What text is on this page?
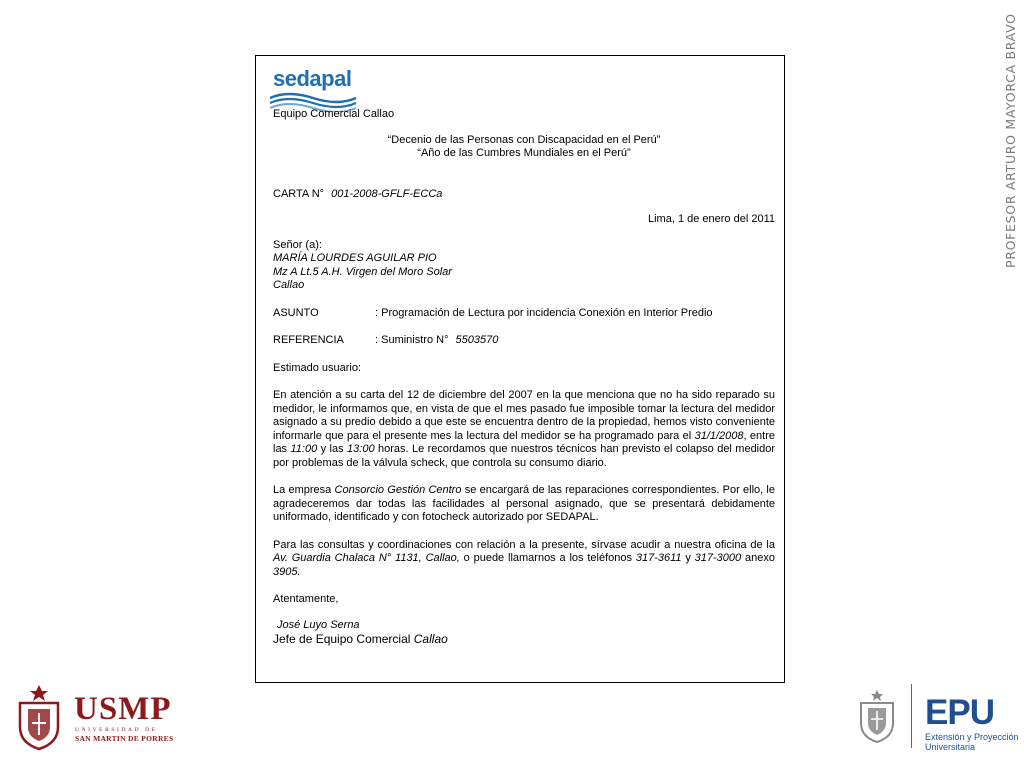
PROFESOR ARTURO MAYORCA BRAVO
sedapal

Equipo Comercial Callao

“Decenio de las Personas con Discapacidad en el Perú”

“Año de las Cumbres Mundiales en el Perú”

CARTA N° 001-2008-GFLF-ECCa

Lima, 1 de enero del 2011

Señor (a):

MARÍA LOURDES AGUILAR PIO

Mz A Lt.5 A.H. Virgen del Moro Solar

Callao

ASUNTO	: Programación de Lectura por incidencia Conexión en Interior Predio
REFERENCIA	: Suministro N° 5503570

Estimado usuario:

En atención a su carta del 12 de diciembre del 2007 en la que menciona que no ha sido reparado su medidor, le informamos que, en vista de que el mes pasado fue imposible tomar la lectura del medidor asignado a su predio debido a que este se encuentra dentro de la propiedad, hemos visto conveniente informarle que para el presente mes la lectura del medidor se ha programado para el 31/1/2008, entre las 11:00 y las 13:00 horas. Le recordamos que nuestros técnicos han previsto el colapso del medidor por problemas de la válvula scheck, que controla su consumo diario.

La empresa Consorcio Gestión Centro se encargará de las reparaciones correspondientes. Por ello, le agradeceremos dar todas las facilidades al personal asignado, que se presentará debidamente uniformado, identificado y con fotocheck autorizado por SEDAPAL.

Para las consultas y coordinaciones con relación a la presente, sírvase acudir a nuestra oficina de la Av. Guardia Chalaca N° 1131, Callao, o puede llamarnos a los teléfonos 317-3611 y 317-3000 anexo 3905.

Atentamente,

José Luyo Serna

Jefe de Equipo Comercial Callao

USMP
UNIVERSIDAD DE
SAN MARTIN DE PORRES
EPU
Extensión y Proyección
Universitaria
